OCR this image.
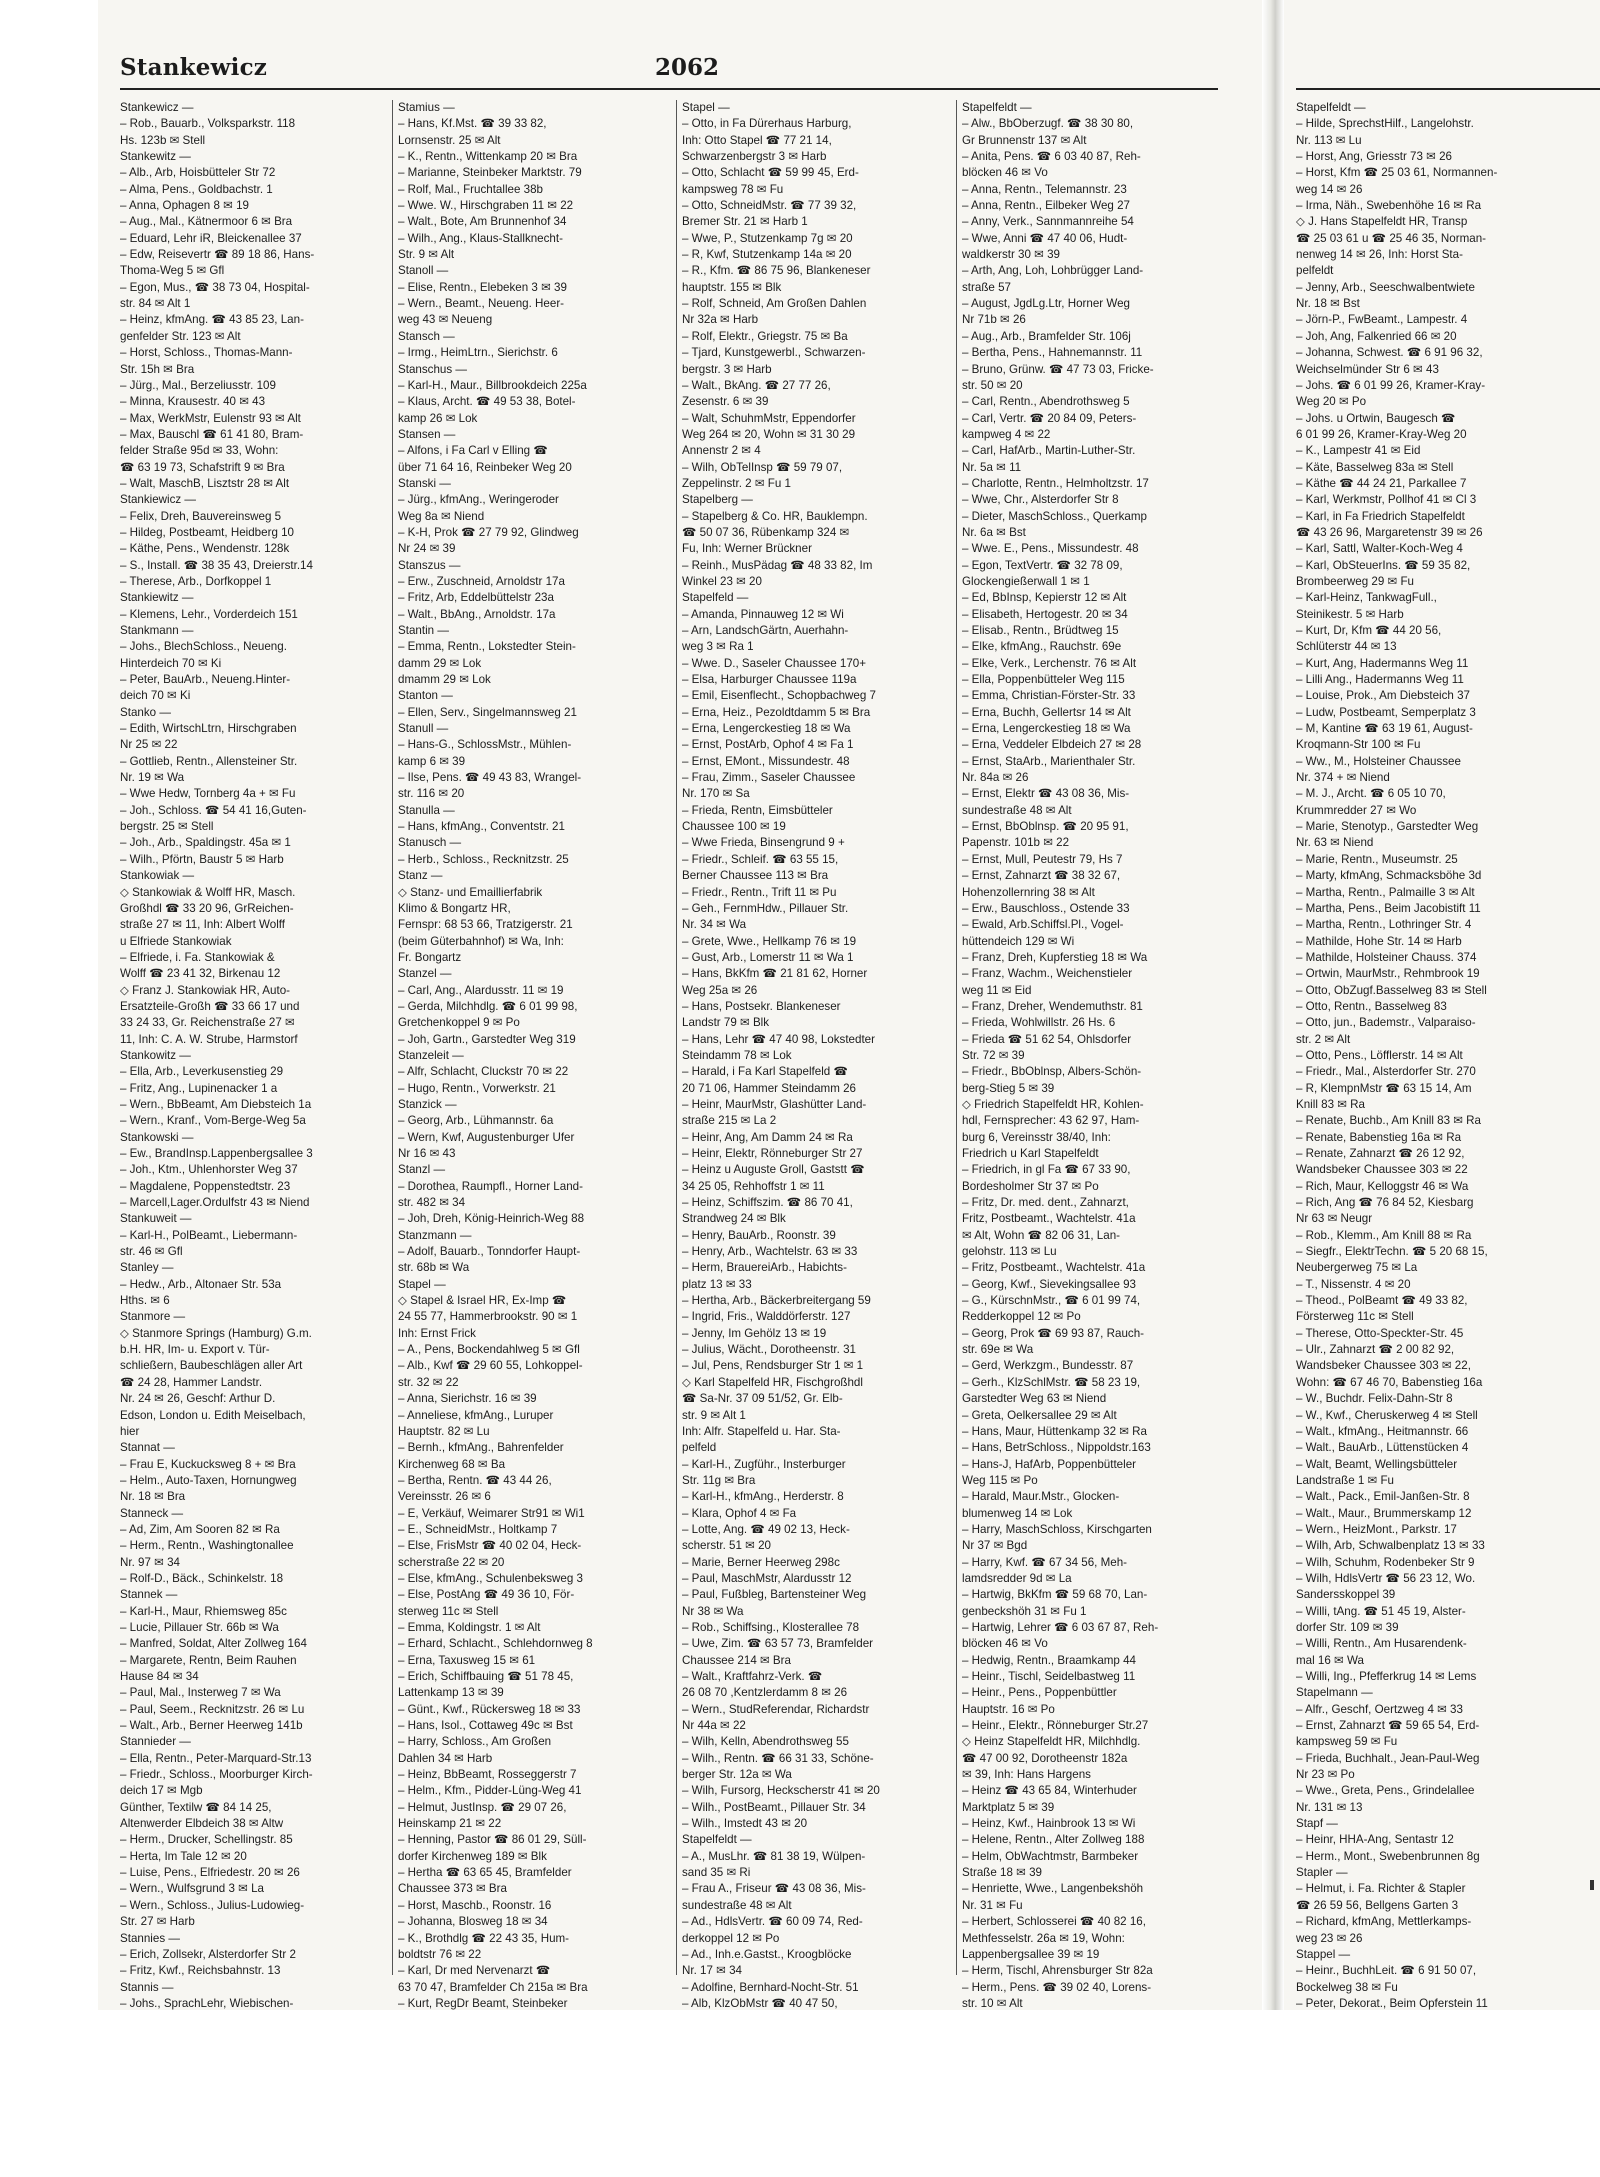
Stankewicz	2062
Stankewicz —
– Rob., Bauarb., Volksparkstr. 118
Hs. 123b ✉ Stell
Stankewitz —
– Alb., Arb, Hoisbütteler Str 72
– Alma, Pens., Goldbachstr. 1
– Anna, Ophagen 8 ✉ 19
– Aug., Mal., Kätnermoor 6 ✉ Bra
– Eduard, Lehr iR, Bleickenallee 37
– Edw, Reisevertr ☎ 89 18 86, Hans-
Thoma-Weg 5 ✉ Gfl
– Egon, Mus., ☎ 38 73 04, Hospital-
str. 84 ✉ Alt 1
– Heinz, kfmAng. ☎ 43 85 23, Lan-
genfelder Str. 123 ✉ Alt
– Horst, Schloss., Thomas-Mann-
Str. 15h ✉ Bra
– Jürg., Mal., Berzeliusstr. 109
– Minna, Krausestr. 40 ✉ 43
– Max, WerkMstr, Eulenstr 93 ✉ Alt
– Max, Bauschl ☎ 61 41 80, Bram-
felder Straße 95d ✉ 33, Wohn:
☎ 63 19 73, Schafstrift 9 ✉ Bra
– Walt, MaschB, Lisztstr 28 ✉ Alt
Stankiewicz —
– Felix, Dreh, Bauvereinsweg 5
– Hildeg, Postbeamt, Heidberg 10
– Käthe, Pens., Wendenstr. 128k
– S., Install. ☎ 38 35 43, Dreierstr.14
– Therese, Arb., Dorfkoppel 1
Stankiewitz —
– Klemens, Lehr., Vorderdeich 151
Stankmann —
– Johs., BlechSchloss., Neueng.
Hinterdeich 70 ✉ Ki
– Peter, BauArb., Neueng.Hinter-
deich 70 ✉ Ki
Stanko —
– Edith, WirtschLtrn, Hirschgraben
Nr 25 ✉ 22
– Gottlieb, Rentn., Allensteiner Str.
Nr. 19 ✉ Wa
– Wwe Hedw, Tornberg 4a + ✉ Fu
– Joh., Schloss. ☎ 54 41 16,Guten-
bergstr. 25 ✉ Stell
– Joh., Arb., Spaldingstr. 45a ✉ 1
– Wilh., Pförtn, Baustr 5 ✉ Harb
Stankowiak —
◇ Stankowiak & Wolff HR, Masch.
Großhdl ☎ 33 20 96, GrReichen-
straße 27 ✉ 11, Inh: Albert Wolff
u Elfriede Stankowiak
– Elfriede, i. Fa. Stankowiak &
Wolff ☎ 23 41 32, Birkenau 12
◇ Franz J. Stankowiak HR, Auto-
Ersatzteile-Großh ☎ 33 66 17 und
33 24 33, Gr. Reichenstraße 27 ✉
11, Inh: C. A. W. Strube, Harmstorf
Stankowitz —
– Ella, Arb., Leverkusenstieg 29
– Fritz, Ang., Lupinenacker 1 a
– Wern., BbBeamt, Am Diebsteich 1a
– Wern., Kranf., Vom-Berge-Weg 5a
Stankowski —
– Ew., BrandInsp.Lappenbergsallee 3
– Joh., Ktm., Uhlenhorster Weg 37
– Magdalene, Poppenstedtstr. 23
– Marcell,Lager.Ordulfstr 43 ✉ Niend
Stankuweit —
– Karl-H., PolBeamt., Liebermann-
str. 46 ✉ Gfl
Stanley —
– Hedw., Arb., Altonaer Str. 53a
Hths. ✉ 6
Stanmore —
◇ Stanmore Springs (Hamburg) G.m.
b.H. HR, Im- u. Export v. Tür-
schließern, Baubeschlägen aller Art
☎ 24 28, Hammer Landstr.
Nr. 24 ✉ 26, Geschf: Arthur D.
Edson, London u. Edith Meiselbach,
hier
Stannat —
– Frau E, Kuckucksweg 8 + ✉ Bra
– Helm., Auto-Taxen, Hornungweg
Nr. 18 ✉ Bra
Stanneck —
– Ad, Zim, Am Sooren 82 ✉ Ra
– Herm., Rentn., Washingtonallee
Nr. 97 ✉ 34
– Rolf-D., Bäck., Schinkelstr. 18
Stannek —
– Karl-H., Maur, Rhiemsweg 85c
– Lucie, Pillauer Str. 66b ✉ Wa
– Manfred, Soldat, Alter Zollweg 164
– Margarete, Rentn, Beim Rauhen
Hause 84 ✉ 34
– Paul, Mal., Insterweg 7 ✉ Wa
– Paul, Seem., Recknitzstr. 26 ✉ Lu
– Walt., Arb., Berner Heerweg 141b
Stannieder —
– Ella, Rentn., Peter-Marquard-Str.13
– Friedr., Schloss., Moorburger Kirch-
deich 17 ✉ Mgb
Günther, Textilw ☎ 84 14 25,
Altenwerder Elbdeich 38 ✉ Altw
– Herm., Drucker, Schellingstr. 85
– Herta, Im Tale 12 ✉ 20
– Luise, Pens., Elfriedestr. 20 ✉ 26
– Wern., Wulfsgrund 3 ✉ La
– Wern., Schloss., Julius-Ludowieg-
Str. 27 ✉ Harb
Stannies —
– Erich, Zollsekr, Alsterdorfer Str 2
– Fritz, Kwf., Reichsbahnstr. 13
Stannis —
– Johs., SprachLehr, Wiebischen-
Stamius —
– Hans, Kf.Mst. ☎ 39 33 82,
Lornsenstr. 25 ✉ Alt
– K., Rentn., Wittenkamp 20 ✉ Bra
– Marianne, Steinbeker Marktstr. 79
– Rolf, Mal., Fruchtallee 38b
– Wwe. W., Hirschgraben 11 ✉ 22
– Walt., Bote, Am Brunnenhof 34
– Wilh., Ang., Klaus-Stallknecht-
Str. 9 ✉ Alt
Stanoll —
– Elise, Rentn., Elebeken 3 ✉ 39
– Wern., Beamt., Neueng. Heer-
weg 43 ✉ Neueng
Stansch —
– Irmg., HeimLtrn., Sierichstr. 6
Stanschus —
– Karl-H., Maur., Billbrookdeich 225a
– Klaus, Archt. ☎ 49 53 38, Botel-
kamp 26 ✉ Lok
Stansen —
– Alfons, i Fa Carl v Elling ☎
über 71 64 16, Reinbeker Weg 20
Stanski —
– Jürg., kfmAng., Weringeroder
Weg 8a ✉ Niend
– K-H, Prok ☎ 27 79 92, Glindweg
Nr 24 ✉ 39
Stanszus —
– Erw., Zuschneid, Arnoldstr 17a
– Fritz, Arb, Eddelbüttelstr 23a
– Walt., BbAng., Arnoldstr. 17a
Stantin —
– Emma, Rentn., Lokstedter Stein-
damm 29 ✉ Lok
dmamm 29 ✉ Lok
Stanton —
– Ellen, Serv., Singelmannsweg 21
Stanull —
– Hans-G., SchlossMstr., Mühlen-
kamp 6 ✉ 39
– Ilse, Pens. ☎ 49 43 83, Wrangel-
str. 116 ✉ 20
Stanulla —
– Hans, kfmAng., Conventstr. 21
Stanusch —
– Herb., Schloss., Recknitzstr. 25
Stanz —
◇ Stanz- und Emaillierfabrik
Klimo & Bongartz HR,
Fernspr: 68 53 66, Tratzigerstr. 21
(beim Güterbahnhof) ✉ Wa, Inh:
Fr. Bongartz
Stanzel —
– Carl, Ang., Alardusstr. 11 ✉ 19
– Gerda, Milchhdlg. ☎ 6 01 99 98,
Gretchenkoppel 9 ✉ Po
– Joh, Gartn., Garstedter Weg 319
Stanzeleit —
– Alfr, Schlacht, Cluckstr 70 ✉ 22
– Hugo, Rentn., Vorwerkstr. 21
Stanzick —
– Georg, Arb., Lühmannstr. 6a
– Wern, Kwf, Augustenburger Ufer
Nr 16 ✉ 43
Stanzl —
– Dorothea, Raumpfl., Horner Land-
str. 482 ✉ 34
– Joh, Dreh, König-Heinrich-Weg 88
Stanzmann —
– Adolf, Bauarb., Tonndorfer Haupt-
str. 68b ✉ Wa
Stapel —
◇ Stapel & Israel HR, Ex-Imp ☎
24 55 77, Hammerbrookstr. 90 ✉ 1
Inh: Ernst Frick
– A., Pens, Bockendahlweg 5 ✉ Gfl
– Alb., Kwf ☎ 29 60 55, Lohkoppel-
str. 32 ✉ 22
– Anna, Sierichstr. 16 ✉ 39
– Anneliese, kfmAng., Luruper
Hauptstr. 82 ✉ Lu
– Bernh., kfmAng., Bahrenfelder
Kirchenweg 68 ✉ Ba
– Bertha, Rentn. ☎ 43 44 26,
Vereinsstr. 26 ✉ 6
– E, Verkäuf, Weimarer Str91 ✉ Wi1
– E., SchneidMstr., Holtkamp 7
– Else, FrisMstr ☎ 40 02 04, Heck-
scherstraße 22 ✉ 20
– Else, kfmAng., Schulenbeksweg 3
– Else, PostAng ☎ 49 36 10, För-
sterweg 11c ✉ Stell
– Emma, Koldingstr. 1 ✉ Alt
– Erhard, Schlacht., Schlehdornweg 8
– Erna, Taxusweg 15 ✉ 61
– Erich, Schiffbauing ☎ 51 78 45,
Lattenkamp 13 ✉ 39
– Günt., Kwf., Rückersweg 18 ✉ 33
– Hans, Isol., Cottaweg 49c ✉ Bst
– Harry, Schloss., Am Großen
Dahlen 34 ✉ Harb
– Heinz, BbBeamt, Rosseggerstr 7
– Helm., Kfm., Pidder-Lüng-Weg 41
– Helmut, JustInsp. ☎ 29 07 26,
Heinskamp 21 ✉ 22
– Henning, Pastor ☎ 86 01 29, Süll-
dorfer Kirchenweg 189 ✉ Blk
– Hertha ☎ 63 65 45, Bramfelder
Chaussee 373 ✉ Bra
– Horst, Maschb., Roonstr. 16
– Johanna, Blosweg 18 ✉ 34
– K., Brothdlg ☎ 22 43 35, Hum-
boldtstr 76 ✉ 22
– Karl, Dr med Nervenarzt ☎
63 70 47, Bramfelder Ch 215a ✉ Bra
– Kurt, RegDr Beamt, Steinbeker
Stapel —
– Otto, in Fa Dürerhaus Harburg,
Inh: Otto Stapel ☎ 77 21 14,
Schwarzenbergstr 3 ✉ Harb
– Otto, Schlacht ☎ 59 99 45, Erd-
kampsweg 78 ✉ Fu
– Otto, SchneidMstr. ☎ 77 39 32,
Bremer Str. 21 ✉ Harb 1
– Wwe, P., Stutzenkamp 7g ✉ 20
– R, Kwf, Stutzenkamp 14a ✉ 20
– R., Kfm. ☎ 86 75 96, Blankeneser
hauptstr. 155 ✉ Blk
– Rolf, Schneid, Am Großen Dahlen
Nr 32a ✉ Harb
– Rolf, Elektr., Griegstr. 75 ✉ Ba
– Tjard, Kunstgewerbl., Schwarzen-
bergstr. 3 ✉ Harb
– Walt., BkAng. ☎ 27 77 26,
Zesenstr. 6 ✉ 39
– Walt, SchuhmMstr, Eppendorfer
Weg 264 ✉ 20, Wohn ✉ 31 30 29
Annenstr 2 ✉ 4
– Wilh, ObTelInsp ☎ 59 79 07,
Zeppelinstr. 2 ✉ Fu 1
Stapelberg —
– Stapelberg & Co. HR, Bauklempn.
☎ 50 07 36, Rübenkamp 324 ✉
Fu, Inh: Werner Brückner
– Reinh., MusPädag ☎ 48 33 82, Im
Winkel 23 ✉ 20
Stapelfeld —
– Amanda, Pinnauweg 12 ✉ Wi
– Arn, LandschGärtn, Auerhahn-
weg 3 ✉ Ra 1
– Wwe. D., Saseler Chaussee 170+
– Elsa, Harburger Chaussee 119a
– Emil, Eisenflecht., Schopbachweg 7
– Erna, Heiz., Pezoldtdamm 5 ✉ Bra
– Erna, Lengerckestieg 18 ✉ Wa
– Ernst, PostArb, Ophof 4 ✉ Fa 1
– Ernst, EMont., Missundestr. 48
– Frau, Zimm., Saseler Chaussee
Nr. 170 ✉ Sa
– Frieda, Rentn, Eimsbütteler
Chaussee 100 ✉ 19
– Wwe Frieda, Binsengrund 9 +
– Friedr., Schleif. ☎ 63 55 15,
Berner Chaussee 113 ✉ Bra
– Friedr., Rentn., Trift 11 ✉ Pu
– Geh., FernmHdw., Pillauer Str.
Nr. 34 ✉ Wa
– Grete, Wwe., Hellkamp 76 ✉ 19
– Gust, Arb., Lomerstr 11 ✉ Wa 1
– Hans, BkKfm ☎ 21 81 62, Horner
Weg 25a ✉ 26
– Hans, Postsekr. Blankeneser
Landstr 79 ✉ Blk
– Hans, Lehr ☎ 47 40 98, Lokstedter
Steindamm 78 ✉ Lok
– Harald, i Fa Karl Stapelfeld ☎
20 71 06, Hammer Steindamm 26
– Heinr, MaurMstr, Glashütter Land-
straße 215 ✉ La 2
– Heinr, Ang, Am Damm 24 ✉ Ra
– Heinr, Elektr, Rönneburger Str 27
– Heinz u Auguste Groll, Gaststt ☎
34 25 05, Rehhoffstr 1 ✉ 11
– Heinz, Schiffszim. ☎ 86 70 41,
Strandweg 24 ✉ Blk
– Henry, BauArb., Roonstr. 39
– Henry, Arb., Wachtelstr. 63 ✉ 33
– Herm, BrauereiArb., Habichts-
platz 13 ✉ 33
– Hertha, Arb., Bäckerbreitergang 59
– Ingrid, Fris., Walddörferstr. 127
– Jenny, Im Gehölz 13 ✉ 19
– Julius, Wächt., Dorotheenstr. 31
– Jul, Pens, Rendsburger Str 1 ✉ 1
◇ Karl Stapelfeld HR, Fischgroßhdl
☎ Sa-Nr. 37 09 51/52, Gr. Elb-
str. 9 ✉ Alt 1
Inh: Alfr. Stapelfeld u. Har. Sta-
pelfeld
– Karl-H., Zugführ., Insterburger
Str. 11g ✉ Bra
– Karl-H., kfmAng., Herderstr. 8
– Klara, Ophof 4 ✉ Fa
– Lotte, Ang. ☎ 49 02 13, Heck-
scherstr. 51 ✉ 20
– Marie, Berner Heerweg 298c
– Paul, MaschMstr, Alardusstr 12
– Paul, Fußbleg, Bartensteiner Weg
Nr 38 ✉ Wa
– Rob., Schiffsing., Klosterallee 78
– Uwe, Zim. ☎ 63 57 73, Bramfelder
Chaussee 214 ✉ Bra
– Walt., Kraftfahrz-Verk. ☎
26 08 70 ,Kentzlerdamm 8 ✉ 26
– Wern., StudReferendar, Richardstr
Nr 44a ✉ 22
– Wilh, Kelln, Abendrothsweg 55
– Wilh., Rentn. ☎ 66 31 33, Schöne-
berger Str. 12a ✉ Wa
– Wilh, Fursorg, Heckscherstr 41 ✉ 20
– Wilh., PostBeamt., Pillauer Str. 34
– Wilh., Imstedt 43 ✉ 20
Stapelfeldt —
– A., MusLhr. ☎ 81 38 19, Wülpen-
sand 35 ✉ Ri
– Frau A., Friseur ☎ 43 08 36, Mis-
sundestraße 48 ✉ Alt
– Ad., HdlsVertr. ☎ 60 09 74, Red-
derkoppel 12 ✉ Po
– Ad., Inh.e.Gastst., Kroogblöcke
Nr. 17 ✉ 34
– Adolfine, Bernhard-Nocht-Str. 51
– Alb, KlzObMstr ☎ 40 47 50,
Stapelfeldt —
– Alw., BbOberzugf. ☎ 38 30 80,
Gr Brunnenstr 137 ✉ Alt
– Anita, Pens. ☎ 6 03 40 87, Reh-
blöcken 46 ✉ Vo
– Anna, Rentn., Telemannstr. 23
– Anna, Rentn., Eilbeker Weg 27
– Anny, Verk., Sannmannreihe 54
– Wwe, Anni ☎ 47 40 06, Hudt-
waldkerstr 30 ✉ 39
– Arth, Ang, Loh, Lohbrügger Land-
straße 57
– August, JgdLg.Ltr, Horner Weg
Nr 71b ✉ 26
– Aug., Arb., Bramfelder Str. 106j
– Bertha, Pens., Hahnemannstr. 11
– Bruno, Grünw. ☎ 47 73 03, Fricke-
str. 50 ✉ 20
– Carl, Rentn., Abendrothsweg 5
– Carl, Vertr. ☎ 20 84 09, Peters-
kampweg 4 ✉ 22
– Carl, HafArb., Martin-Luther-Str.
Nr. 5a ✉ 11
– Charlotte, Rentn., Helmholtzstr. 17
– Wwe, Chr., Alsterdorfer Str 8
– Dieter, MaschSchloss., Querkamp
Nr. 6a ✉ Bst
– Wwe. E., Pens., Missundestr. 48
– Egon, TextVertr. ☎ 32 78 09,
Glockengießerwall 1 ✉ 1
– Ed, BbInsp, Kepierstr 12 ✉ Alt
– Elisabeth, Hertogestr. 20 ✉ 34
– Elisab., Rentn., Brüdtweg 15
– Elke, kfmAng., Rauchstr. 69e
– Elke, Verk., Lerchenstr. 76 ✉ Alt
– Ella, Poppenbütteler Weg 115
– Emma, Christian-Förster-Str. 33
– Erna, Buchh, Gellertsr 14 ✉ Alt
– Erna, Lengerckestieg 18 ✉ Wa
– Erna, Veddeler Elbdeich 27 ✉ 28
– Ernst, StaArb., Marienthaler Str.
Nr. 84a ✉ 26
– Ernst, Elektr ☎ 43 08 36, Mis-
sundestraße 48 ✉ Alt
– Ernst, BbOblnsp. ☎ 20 95 91,
Papenstr. 101b ✉ 22
– Ernst, Mull, Peutestr 79, Hs 7
– Ernst, Zahnarzt ☎ 38 32 67,
Hohenzollernring 38 ✉ Alt
– Erw., Bauschloss., Ostende 33
– Ewald, Arb.Schiffsl.Pl., Vogel-
hüttendeich 129 ✉ Wi
– Franz, Dreh, Kupferstieg 18 ✉ Wa
– Franz, Wachm., Weichenstieler
weg 11 ✉ Eid
– Franz, Dreher, Wendemuthstr. 81
– Frieda, Wohlwillstr. 26 Hs. 6
– Frieda ☎ 51 62 54, Ohlsdorfer
Str. 72 ✉ 39
– Friedr., BbOblnsp, Albers-Schön-
berg-Stieg 5 ✉ 39
◇ Friedrich Stapelfeldt HR, Kohlen-
hdl, Fernsprecher: 43 62 97, Ham-
burg 6, Vereinsstr 38/40, Inh:
Friedrich u Karl Stapelfeldt
– Friedrich, in gl Fa ☎ 67 33 90,
Bordesholmer Str 37 ✉ Po
– Fritz, Dr. med. dent., Zahnarzt,
Fritz, Postbeamt., Wachtelstr. 41a
✉ Alt, Wohn ☎ 82 06 31, Lan-
gelohstr. 113 ✉ Lu
– Fritz, Postbeamt., Wachtelstr. 41a
– Georg, Kwf., Sievekingsallee 93
– G., KürschnMstr., ☎ 6 01 99 74,
Redderkoppel 12 ✉ Po
– Georg, Prok ☎ 69 93 87, Rauch-
str. 69e ✉ Wa
– Gerd, Werkzgm., Bundesstr. 87
– Gerh., KlzSchlMstr. ☎ 58 23 19,
Garstedter Weg 63 ✉ Niend
– Greta, Oelkersallee 29 ✉ Alt
– Hans, Maur, Hüttenkamp 32 ✉ Ra
– Hans, BetrSchloss., Nippoldstr.163
– Hans-J, HafArb, Poppenbütteler
Weg 115 ✉ Po
– Harald, Maur.Mstr., Glocken-
blumenweg 14 ✉ Lok
– Harry, MaschSchloss, Kirschgarten
Nr 37 ✉ Bgd
– Harry, Kwf. ☎ 67 34 56, Meh-
lamdsredder 9d ✉ La
– Hartwig, BkKfm ☎ 59 68 70, Lan-
genbeckshöh 31 ✉ Fu 1
– Hartwig, Lehrer ☎ 6 03 67 87, Reh-
blöcken 46 ✉ Vo
– Hedwig, Rentn., Braamkamp 44
– Heinr., Tischl, Seidelbastweg 11
– Heinr., Pens., Poppenbüttler
Hauptstr. 16 ✉ Po
– Heinr., Elektr., Rönneburger Str.27
◇ Heinz Stapelfeldt HR, Milchhdlg.
☎ 47 00 92, Dorotheenstr 182a
✉ 39, Inh: Hans Hargens
– Heinz ☎ 43 65 84, Winterhuder
Marktplatz 5 ✉ 39
– Heinz, Kwf., Hainbrook 13 ✉ Wi
– Helene, Rentn., Alter Zollweg 188
– Helm, ObWachtmstr, Barmbeker
Straße 18 ✉ 39
– Henriette, Wwe., Langenbekshöh
Nr. 31 ✉ Fu
– Herbert, Schlosserei ☎ 40 82 16,
Methfesselstr. 26a ✉ 19, Wohn:
Lappenbergsallee 39 ✉ 19
– Herm, Tischl, Ahrensburger Str 82a
– Herm., Pens. ☎ 39 02 40, Lorens-
str. 10 ✉ Alt
Stapelfeldt —
– Hilde, SprechstHilf., Langelohstr.
Nr. 113 ✉ Lu
– Horst, Ang, Griesstr 73 ✉ 26
– Horst, Kfm ☎ 25 03 61, Normannen-
weg 14 ✉ 26
– Irma, Näh., Swebenhöhe 16 ✉ Ra
◇ J. Hans Stapelfeldt HR, Transp
☎ 25 03 61 u ☎ 25 46 35, Norman-
nenweg 14 ✉ 26, Inh: Horst Sta-
pelfeldt
– Jenny, Arb., Seeschwalbentwiete
Nr. 18 ✉ Bst
– Jörn-P., FwBeamt., Lampestr. 4
– Joh, Ang, Falkenried 66 ✉ 20
– Johanna, Schwest. ☎ 6 91 96 32,
Weichselmünder Str 6 ✉ 43
– Johs. ☎ 6 01 99 26, Kramer-Kray-
Weg 20 ✉ Po
– Johs. u Ortwin, Baugesch ☎
6 01 99 26, Kramer-Kray-Weg 20
– K., Lampestr 41 ✉ Eid
– Käte, Basselweg 83a ✉ Stell
– Käthe ☎ 44 24 21, Parkallee 7
– Karl, Werkmstr, Pollhof 41 ✉ Cl 3
– Karl, in Fa Friedrich Stapelfeldt
☎ 43 26 96, Margaretenstr 39 ✉ 26
– Karl, Sattl, Walter-Koch-Weg 4
– Karl, ObSteuerIns. ☎ 59 35 82,
Brombeerweg 29 ✉ Fu
– Karl-Heinz, TankwagFull.,
Steinikestr. 5 ✉ Harb
– Kurt, Dr, Kfm ☎ 44 20 56,
Schlüterstr 44 ✉ 13
– Kurt, Ang, Hadermanns Weg 11
– Lilli Ang., Hadermanns Weg 11
– Louise, Prok., Am Diebsteich 37
– Ludw, Postbeamt, Semperplatz 3
– M, Kantine ☎ 63 19 61, August-
Kroqmann-Str 100 ✉ Fu
– Ww., M., Holsteiner Chaussee
Nr. 374 + ✉ Niend
– M. J., Archt. ☎ 6 05 10 70,
Krummredder 27 ✉ Wo
– Marie, Stenotyp., Garstedter Weg
Nr. 63 ✉ Niend
– Marie, Rentn., Museumstr. 25
– Marty, kfmAng, Schmacksböhe 3d
– Martha, Rentn., Palmaille 3 ✉ Alt
– Martha, Pens., Beim Jacobistift 11
– Martha, Rentn., Lothringer Str. 4
– Mathilde, Hohe Str. 14 ✉ Harb
– Mathilde, Holsteiner Chauss. 374
– Ortwin, MaurMstr., Rehmbrook 19
– Otto, ObZugf.Basselweg 83 ✉ Stell
– Otto, Rentn., Basselweg 83
– Otto, jun., Bademstr., Valparaiso-
str. 2 ✉ Alt
– Otto, Pens., Löfflerstr. 14 ✉ Alt
– Friedr., Mal., Alsterdorfer Str. 270
– R, KlempnMstr ☎ 63 15 14, Am
Knill 83 ✉ Ra
– Renate, Buchb., Am Knill 83 ✉ Ra
– Renate, Babenstieg 16a ✉ Ra
– Renate, Zahnarzt ☎ 26 12 92,
Wandsbeker Chaussee 303 ✉ 22
– Rich, Maur, Kelloggstr 46 ✉ Wa
– Rich, Ang ☎ 76 84 52, Kiesbarg
Nr 63 ✉ Neugr
– Rob., Klemm., Am Knill 88 ✉ Ra
– Siegfr., ElektrTechn. ☎ 5 20 68 15,
Neubergerweg 75 ✉ La
– T., Nissenstr. 4 ✉ 20
– Theod., PolBeamt ☎ 49 33 82,
Försterweg 11c ✉ Stell
– Therese, Otto-Speckter-Str. 45
– Ulr., Zahnarzt ☎ 2 00 82 92,
Wandsbeker Chaussee 303 ✉ 22,
Wohn: ☎ 67 46 70, Babenstieg 16a
– W., Buchdr. Felix-Dahn-Str 8
– W., Kwf., Cheruskerweg 4 ✉ Stell
– Walt., kfmAng., Heitmannstr. 66
– Walt., BauArb., Lüttenstücken 4
– Walt, Beamt, Wellingsbütteler
Landstraße 1 ✉ Fu
– Walt., Pack., Emil-Janßen-Str. 8
– Walt., Maur., Brummerskamp 12
– Wern., HeizMont., Parkstr. 17
– Wilh, Arb, Schwalbenplatz 13 ✉ 33
– Wilh, Schuhm, Rodenbeker Str 9
– Wilh, HdlsVertr ☎ 56 23 12, Wo.
Sandersskoppel 39
– Willi, tAng. ☎ 51 45 19, Alster-
dorfer Str. 109 ✉ 39
– Willi, Rentn., Am Husarendenk-
mal 16 ✉ Wa
– Willi, Ing., Pfefferkrug 14 ✉ Lems
Stapelmann —
– Alfr., Geschf, Oertzweg 4 ✉ 33
– Ernst, Zahnarzt ☎ 59 65 54, Erd-
kampsweg 59 ✉ Fu
– Frieda, Buchhalt., Jean-Paul-Weg
Nr 23 ✉ Po
– Wwe., Greta, Pens., Grindelallee
Nr. 131 ✉ 13
Stapf —
– Heinr, HHA-Ang, Sentastr 12
– Herm., Mont., Swebenbrunnen 8g
Stapler —
– Helmut, i. Fa. Richter & Stapler
☎ 26 59 56, Bellgens Garten 3
– Richard, kfmAng, Mettlerkamps-
weg 23 ✉ 26
Stappel —
– Heinr., BuchhLeit. ☎ 6 91 50 07,
Bockelweg 38 ✉ Fu
– Peter, Dekorat., Beim Opferstein 11
